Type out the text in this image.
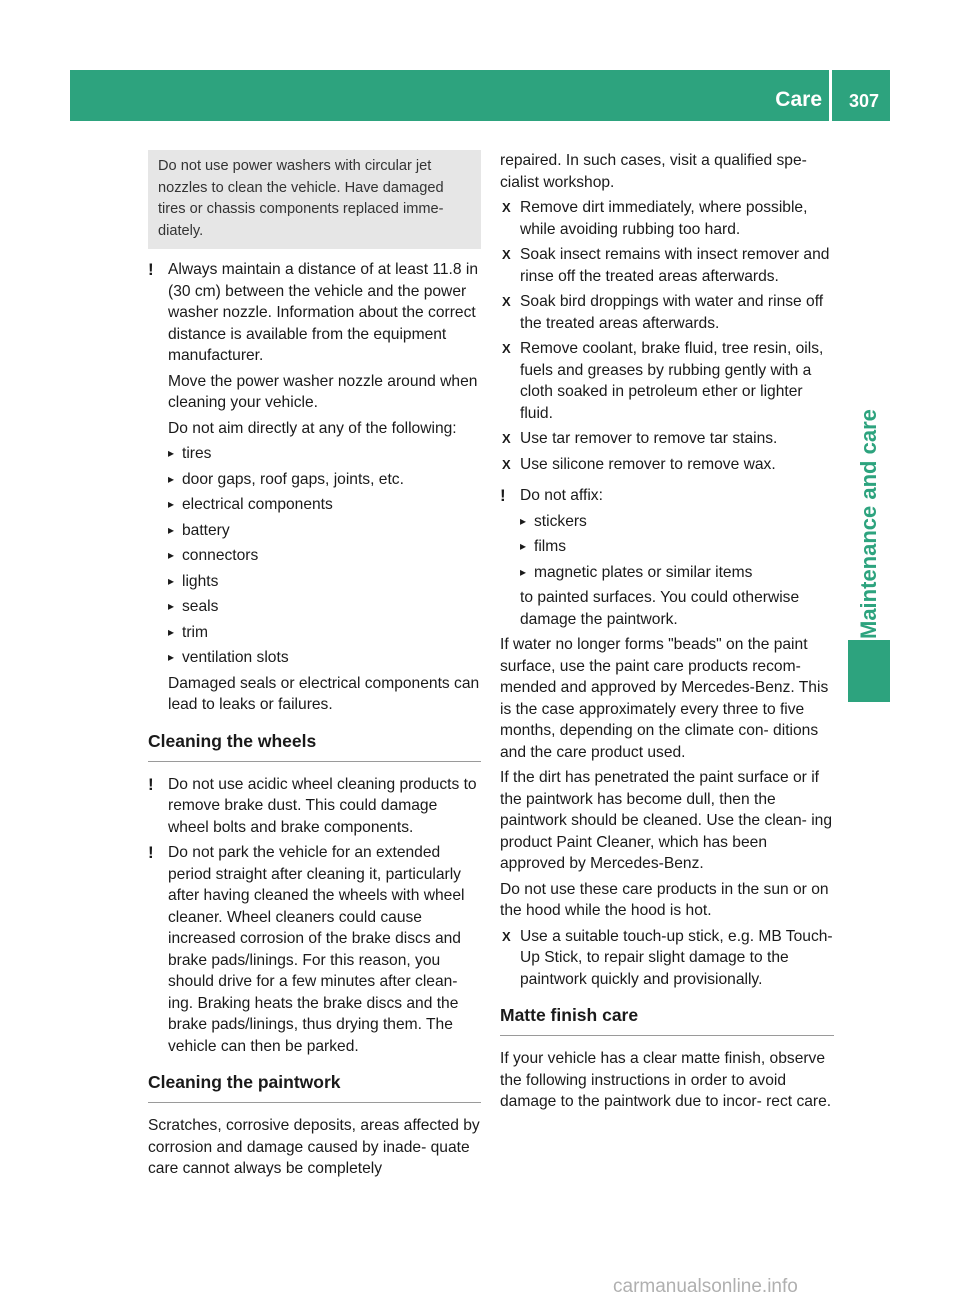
Care	307
Maintenance and care
Do not use power washers with circular jet nozzles to clean the vehicle. Have damaged tires or chassis components replaced imme- diately.
! Always maintain a distance of at least 11.8 in (30 cm) between the vehicle and the power washer nozzle. Information about the correct distance is available from the equipment manufacturer.

Move the power washer nozzle around when cleaning your vehicle.

Do not aim directly at any of the following:

▸ tires
▸ door gaps, roof gaps, joints, etc.
▸ electrical components
▸ battery
▸ connectors
▸ lights
▸ seals
▸ trim
▸ ventilation slots

Damaged seals or electrical components can lead to leaks or failures.

Cleaning the wheels
! Do not use acidic wheel cleaning products to remove brake dust. This could damage wheel bolts and brake components.
! Do not park the vehicle for an extended period straight after cleaning it, particularly after having cleaned the wheels with wheel cleaner. Wheel cleaners could cause increased corrosion of the brake discs and brake pads/linings. For this reason, you should drive for a few minutes after clean- ing. Braking heats the brake discs and the brake pads/linings, thus drying them. The vehicle can then be parked.
Cleaning the paintwork

Scratches, corrosive deposits, areas affected by corrosion and damage caused by inade- quate care cannot always be completely

repaired. In such cases, visit a qualified spe- cialist workshop.

X Remove dirt immediately, where possible, while avoiding rubbing too hard.
X Soak insect remains with insect remover and rinse off the treated areas afterwards.
X Soak bird droppings with water and rinse off the treated areas afterwards.
X Remove coolant, brake fluid, tree resin, oils, fuels and greases by rubbing gently with a cloth soaked in petroleum ether or lighter fluid.
X Use tar remover to remove tar stains.
X Use silicone remover to remove wax.
! Do not affix:
▸ stickers
▸ films
▸ magnetic plates or similar items

to painted surfaces. You could otherwise damage the paintwork.

If water no longer forms "beads" on the paint surface, use the paint care products recom- mended and approved by Mercedes-Benz. This is the case approximately every three to five months, depending on the climate con- ditions and the care product used.

If the dirt has penetrated the paint surface or if the paintwork has become dull, then the paintwork should be cleaned. Use the clean- ing product Paint Cleaner, which has been approved by Mercedes-Benz.

Do not use these care products in the sun or on the hood while the hood is hot.

X Use a suitable touch-up stick, e.g. MB Touch-Up Stick, to repair slight damage to the paintwork quickly and provisionally.
Matte finish care

If your vehicle has a clear matte finish, observe the following instructions in order to avoid damage to the paintwork due to incor- rect care.

carmanualsonline.info
